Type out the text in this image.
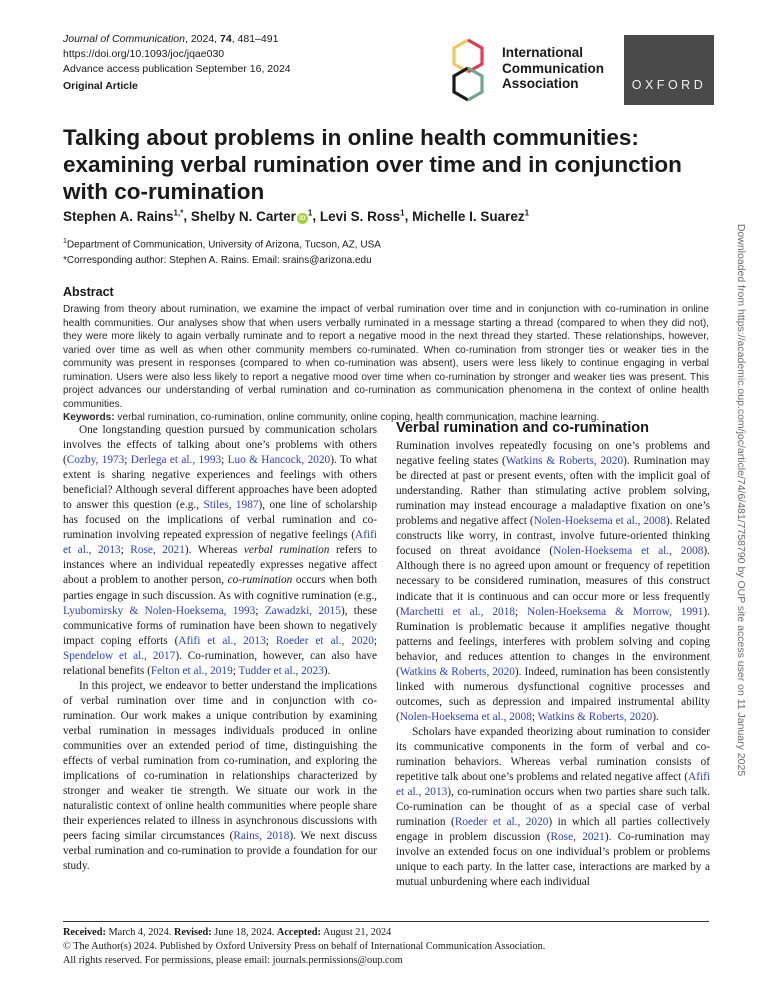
Journal of Communication, 2024, 74, 481–491
https://doi.org/10.1093/joc/jqae030
Advance access publication September 16, 2024
Original Article
International
Communication
Association	OXFORD
Talking about problems in online health communities: examining verbal rumination over time and in conjunction with co-rumination
Stephen A. Rains$^{1,*}$, Shelby N. Carter $iD^1$, Levi S. Ross$^1$, Michelle I. Suarez$^1$
$^1$Department of Communication, University of Arizona, Tucson, AZ, USA
*Corresponding author: Stephen A. Rains. Email: srains@arizona.edu
Abstract

Drawing from theory about rumination, we examine the impact of verbal rumination over time and in conjunction with co-rumination in online health communities. Our analyses show that when users verbally ruminated in a message starting a thread (compared to when they did not), they were more likely to again verbally ruminate and to report a negative mood in the next thread they started. These relationships, however, varied over time as well as when other community members co-ruminated. When co-rumination from stronger ties or weaker ties in the community was present in responses (compared to when co-rumination was absent), users were less likely to continue engaging in verbal rumination. Users were also less likely to report a negative mood over time when co-rumination by stronger and weaker ties was present. This project advances our understanding of verbal rumination and co-rumination as communication phenomena in the context of online health communities.

Keywords: verbal rumination, co-rumination, online community, online coping, health communication, machine learning.

One longstanding question pursued by communication scholars involves the effects of talking about one’s problems with others (Cozby, 1973; Derlega et al., 1993; Luo & Hancock, 2020). To what extent is sharing negative experiences and feelings with others beneficial? Although several different approaches have been adopted to answer this question (e.g., Stiles, 1987), one line of scholarship has focused on the implications of verbal rumination and co-rumination involving repeated expression of negative feelings (Afifi et al., 2013; Rose, 2021). Whereas verbal rumination refers to instances where an individual repeatedly expresses negative affect about a problem to another person, co-rumination occurs when both parties engage in such discussion. As with cognitive rumination (e.g., Lyubomirsky & Nolen-Hoeksema, 1993; Zawadzki, 2015), these communicative forms of rumination have been shown to negatively impact coping efforts (Afifi et al., 2013; Roeder et al., 2020; Spendelow et al., 2017). Co-rumination, however, can also have relational benefits (Felton et al., 2019; Tudder et al., 2023).

In this project, we endeavor to better understand the implications of verbal rumination over time and in conjunction with co-rumination. Our work makes a unique contribution by examining verbal rumination in messages individuals produced in online communities over an extended period of time, distinguishing the effects of verbal rumination from co-rumination, and exploring the implications of co-rumination in relationships characterized by stronger and weaker tie strength. We situate our work in the naturalistic context of online health communities where people share their experiences related to illness in asynchronous discussions with peers facing similar circumstances (Rains, 2018). We next discuss verbal rumination and co-rumination to provide a foundation for our study.

Verbal rumination and co-rumination

Rumination involves repeatedly focusing on one’s problems and negative feeling states (Watkins & Roberts, 2020). Rumination may be directed at past or present events, often with the implicit goal of understanding. Rather than stimulating active problem solving, rumination may instead encourage a maladaptive fixation on one’s problems and negative affect (Nolen-Hoeksema et al., 2008). Related constructs like worry, in contrast, involve future-oriented thinking focused on threat avoidance (Nolen-Hoeksema et al., 2008). Although there is no agreed upon amount or frequency of repetition necessary to be considered rumination, measures of this construct indicate that it is continuous and can occur more or less frequently (Marchetti et al., 2018; Nolen-Hoeksema & Morrow, 1991). Rumination is problematic because it amplifies negative thought patterns and feelings, interferes with problem solving and coping behavior, and reduces attention to changes in the environment (Watkins & Roberts, 2020). Indeed, rumination has been consistently linked with numerous dysfunctional cognitive processes and outcomes, such as depression and impaired instrumental ability (Nolen-Hoeksema et al., 2008; Watkins & Roberts, 2020).

Scholars have expanded theorizing about rumination to consider its communicative components in the form of verbal and co-rumination behaviors. Whereas verbal rumination consists of repetitive talk about one’s problems and related negative affect (Afifi et al., 2013), co-rumination occurs when two parties share such talk. Co-rumination can be thought of as a special case of verbal rumination (Roeder et al., 2020) in which all parties collectively engage in problem discussion (Rose, 2021). Co-rumination may involve an extended focus on one individual’s problem or problems unique to each party. In the latter case, interactions are marked by a mutual unburdening where each individual

Received: March 4, 2024. Revised: June 18, 2024. Accepted: August 21, 2024
© The Author(s) 2024. Published by Oxford University Press on behalf of International Communication Association.
All rights reserved. For permissions, please email: journals.permissions@oup.com
Downloaded from https://academic.oup.com/joc/article/74/6/481/7758790 by OUP site access user on 11 January 2025
